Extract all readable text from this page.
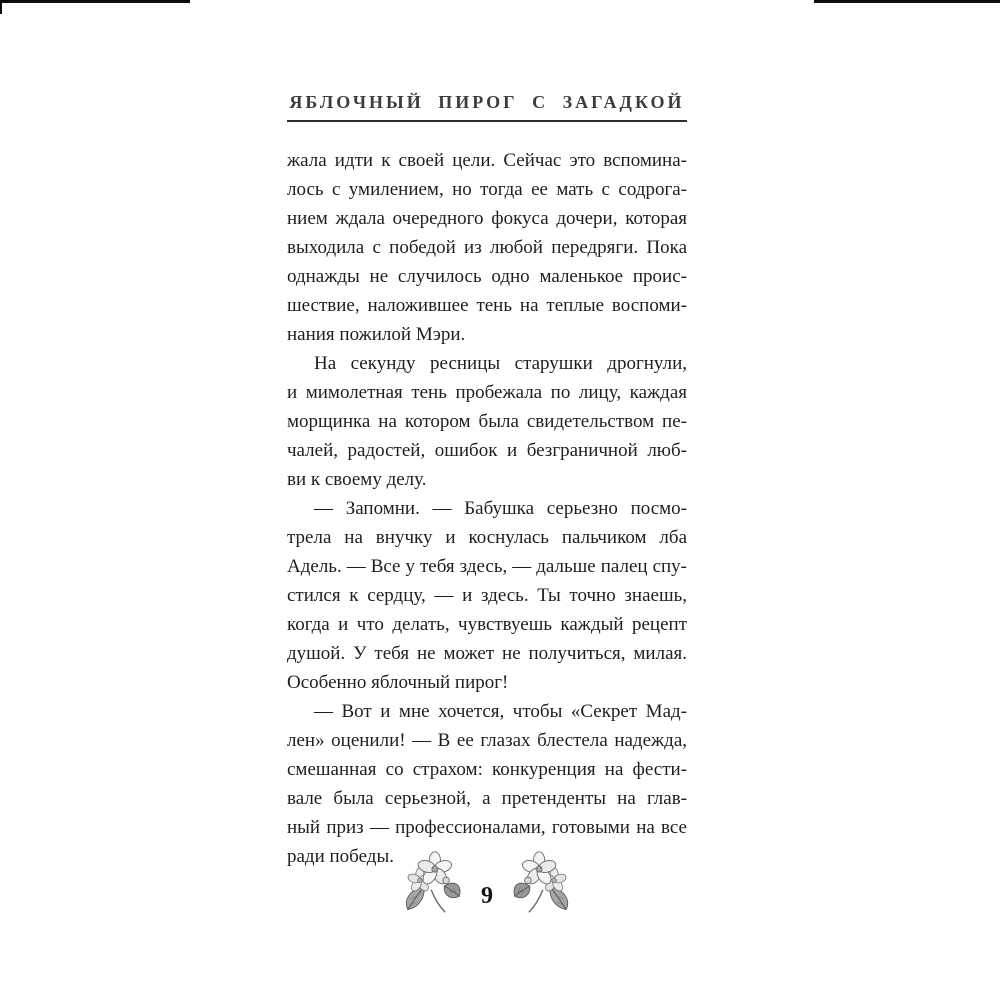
ЯБЛОЧНЫЙ ПИРОГ С ЗАГАДКОЙ
жала идти к своей цели. Сейчас это вспомина-
лось с умилением, но тогда ее мать с содрога-
нием ждала очередного фокуса дочери, которая
выходила с победой из любой передряги. Пока
однажды не случилось одно маленькое проис-
шествие, наложившее тень на теплые воспоми-
нания пожилой Мэри.
На секунду ресницы старушки дрогнули,
и мимолетная тень пробежала по лицу, каждая
морщинка на котором была свидетельством пе-
чалей, радостей, ошибок и безграничной люб-
ви к своему делу.
— Запомни. — Бабушка серьезно посмо-
трела на внучку и коснулась пальчиком лба
Адель. — Все у тебя здесь, — дальше палец спу-
стился к сердцу, — и здесь. Ты точно знаешь,
когда и что делать, чувствуешь каждый рецепт
душой. У тебя не может не получиться, милая.
Особенно яблочный пирог!
— Вот и мне хочется, чтобы «Секрет Мад-
лен» оценили! — В ее глазах блестела надежда,
смешанная со страхом: конкуренция на фести-
вале была серьезной, а претенденты на глав-
ный приз — профессионалами, готовыми на все
ради победы.
9
